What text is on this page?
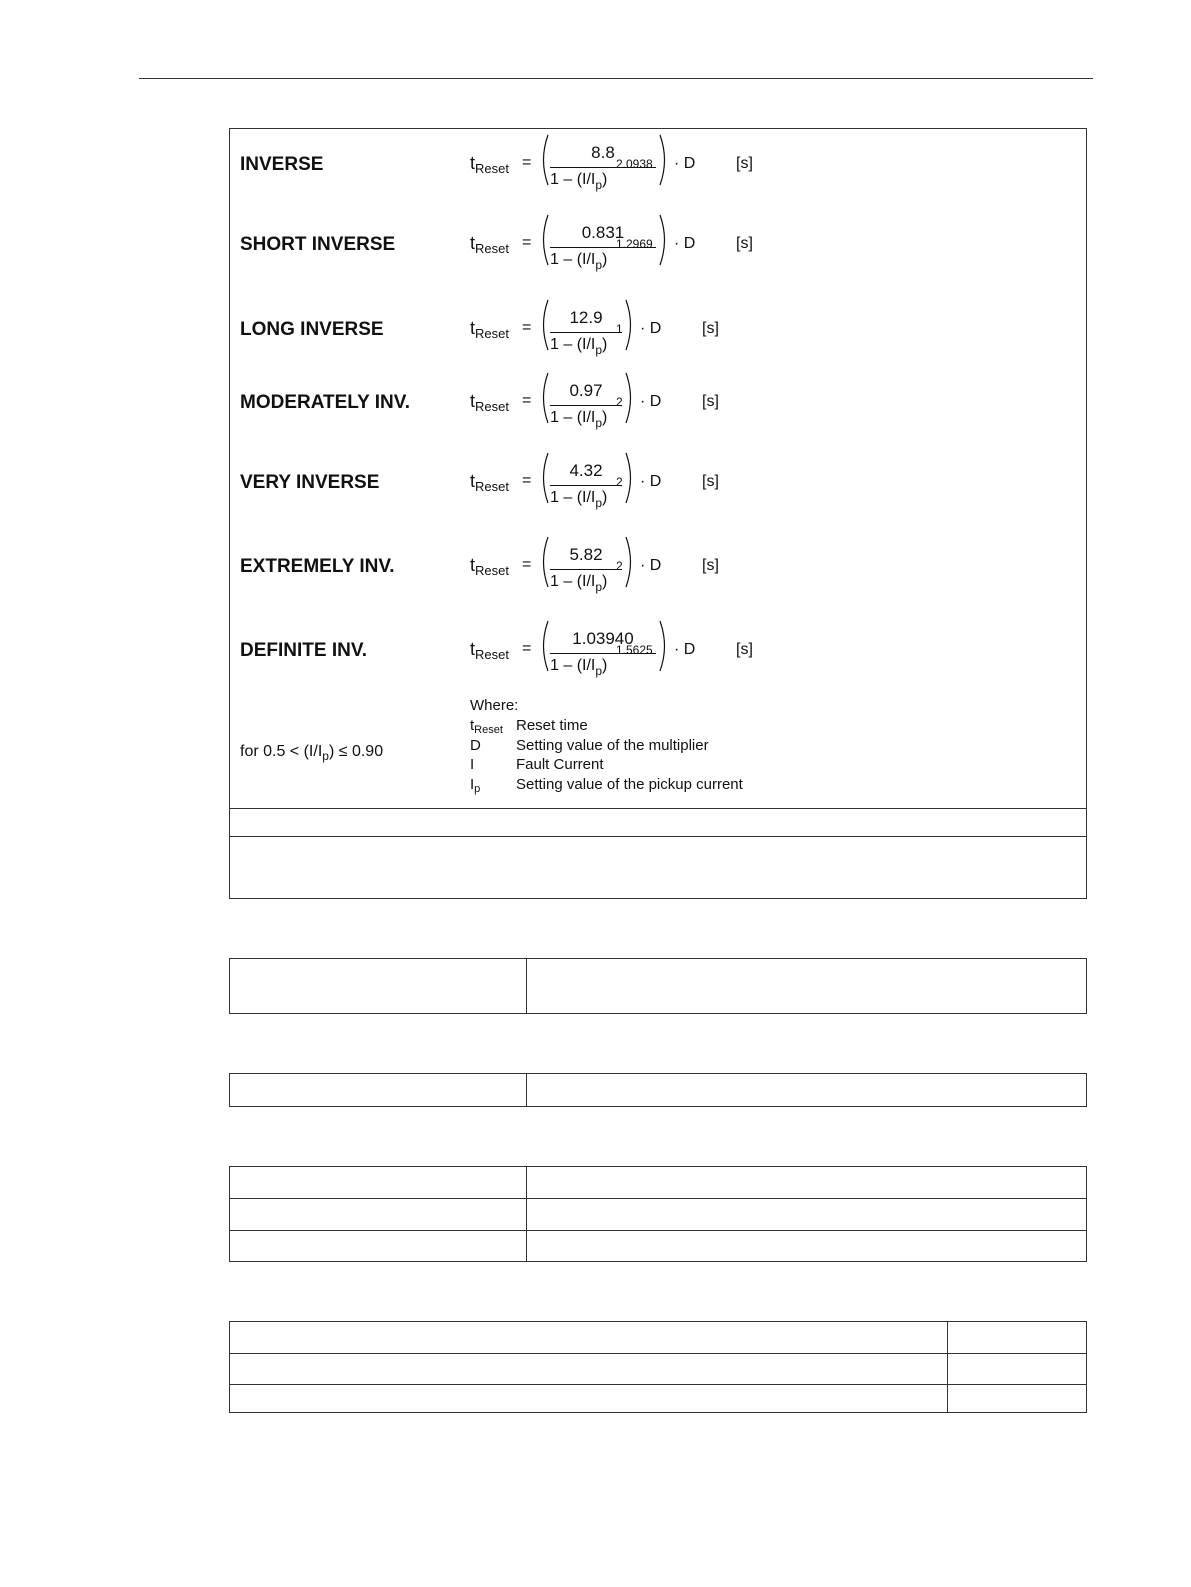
INVERSE	$t_{Reset}$ =
8.8
$1 - (I/I_p)$
2.0938 · D	[s]
SHORT INVERSE	$t_{Reset}$ =
0.831
$1 - (I/I_p)$
1.2969 · D	[s]
LONG INVERSE	$t_{Reset}$ =
12.9
$1 - (I/I_p)$
1 · D	[s]
MODERATELY INV.	$t_{Reset}$ =
0.97
$1 - (I/I_p)$
2 · D	[s]
VERY INVERSE	$t_{Reset}$ =
4.32
$1 - (I/I_p)$
2 · D	[s]
EXTREMELY INV.	$t_{Reset}$ =
5.82
$1 - (I/I_p)$
2 · D	[s]
DEFINITE INV.	$t_{Reset}$ =
1.03940
$1 - (I/I_p)$
1.5625 · D	[s]
for $0.5 < (I/I_p) \le 0.90$
Where:
$t_{Reset}$ Reset time
D Setting value of the multiplier
I	Fault Current
$I_p$ Setting value of the pickup current
